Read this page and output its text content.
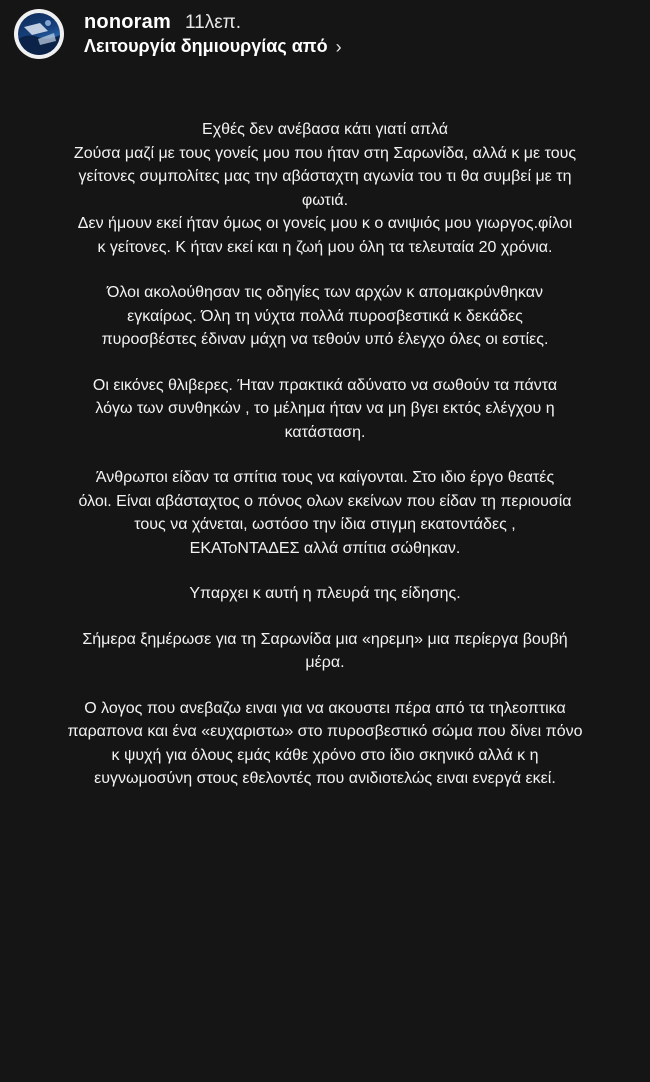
nonoram 11λεπ.
Λειτουργία δημιουργίας από ›

Εχθές δεν ανέβασα κάτι γιατί απλά
Ζούσα μαζί με τους γονείς μου που ήταν στη Σαρωνίδα, αλλά κ με τους
γείτονες συμπολίτες μας την αβάσταχτη αγωνία του τι θα συμβεί με τη
φωτιά.
Δεν ήμουν εκεί ήταν όμως οι γονείς μου κ ο ανιψιός μου γιωργος.φίλοι
κ γείτονες. Κ ήταν εκεί και η ζωή μου όλη τα τελευταία 20 χρόνια.

Όλοι ακολούθησαν τις οδηγίες των αρχών κ απομακρύνθηκαν
εγκαίρως. Όλη τη νύχτα πολλά πυροσβεστικά κ δεκάδες
πυροσβέστες έδιναν μάχη να τεθούν υπό έλεγχο όλες οι εστίες.

Οι εικόνες θλιβερες. Ήταν πρακτικά αδύνατο να σωθούν τα πάντα
λόγω των συνθηκών , το μέλημα ήταν να μη βγει εκτός ελέγχου η
κατάσταση.

Άνθρωποι είδαν τα σπίτια τους να καίγονται. Στο ιδιο έργο θεατές
όλοι. Είναι αβάσταχτος ο πόνος ολων εκείνων που είδαν τη περιουσία
τους να χάνεται, ωστόσο την ίδια στιγμη εκατοντάδες ,
ΕΚΑΤοΝΤΑΔΕΣ αλλά σπίτια σώθηκαν.

Υπαρχει κ αυτή η πλευρά της είδησης.

Σήμερα ξημέρωσε για τη Σαρωνίδα μια «ηρεμη» μια περίεργα βουβή
μέρα.

Ο λογος που ανεβαζω ειναι για να ακουστει πέρα από τα τηλεοπτικα
παραπονα και ένα «ευχαριστω» στο πυροσβεστικό σώμα που δίνει πόνο
κ ψυχή για όλους εμάς κάθε χρόνο στο ίδιο σκηνικό αλλά κ η
ευγνωμοσύνη στους εθελοντές που ανιδιοτελώς ειναι ενεργά εκεί.
